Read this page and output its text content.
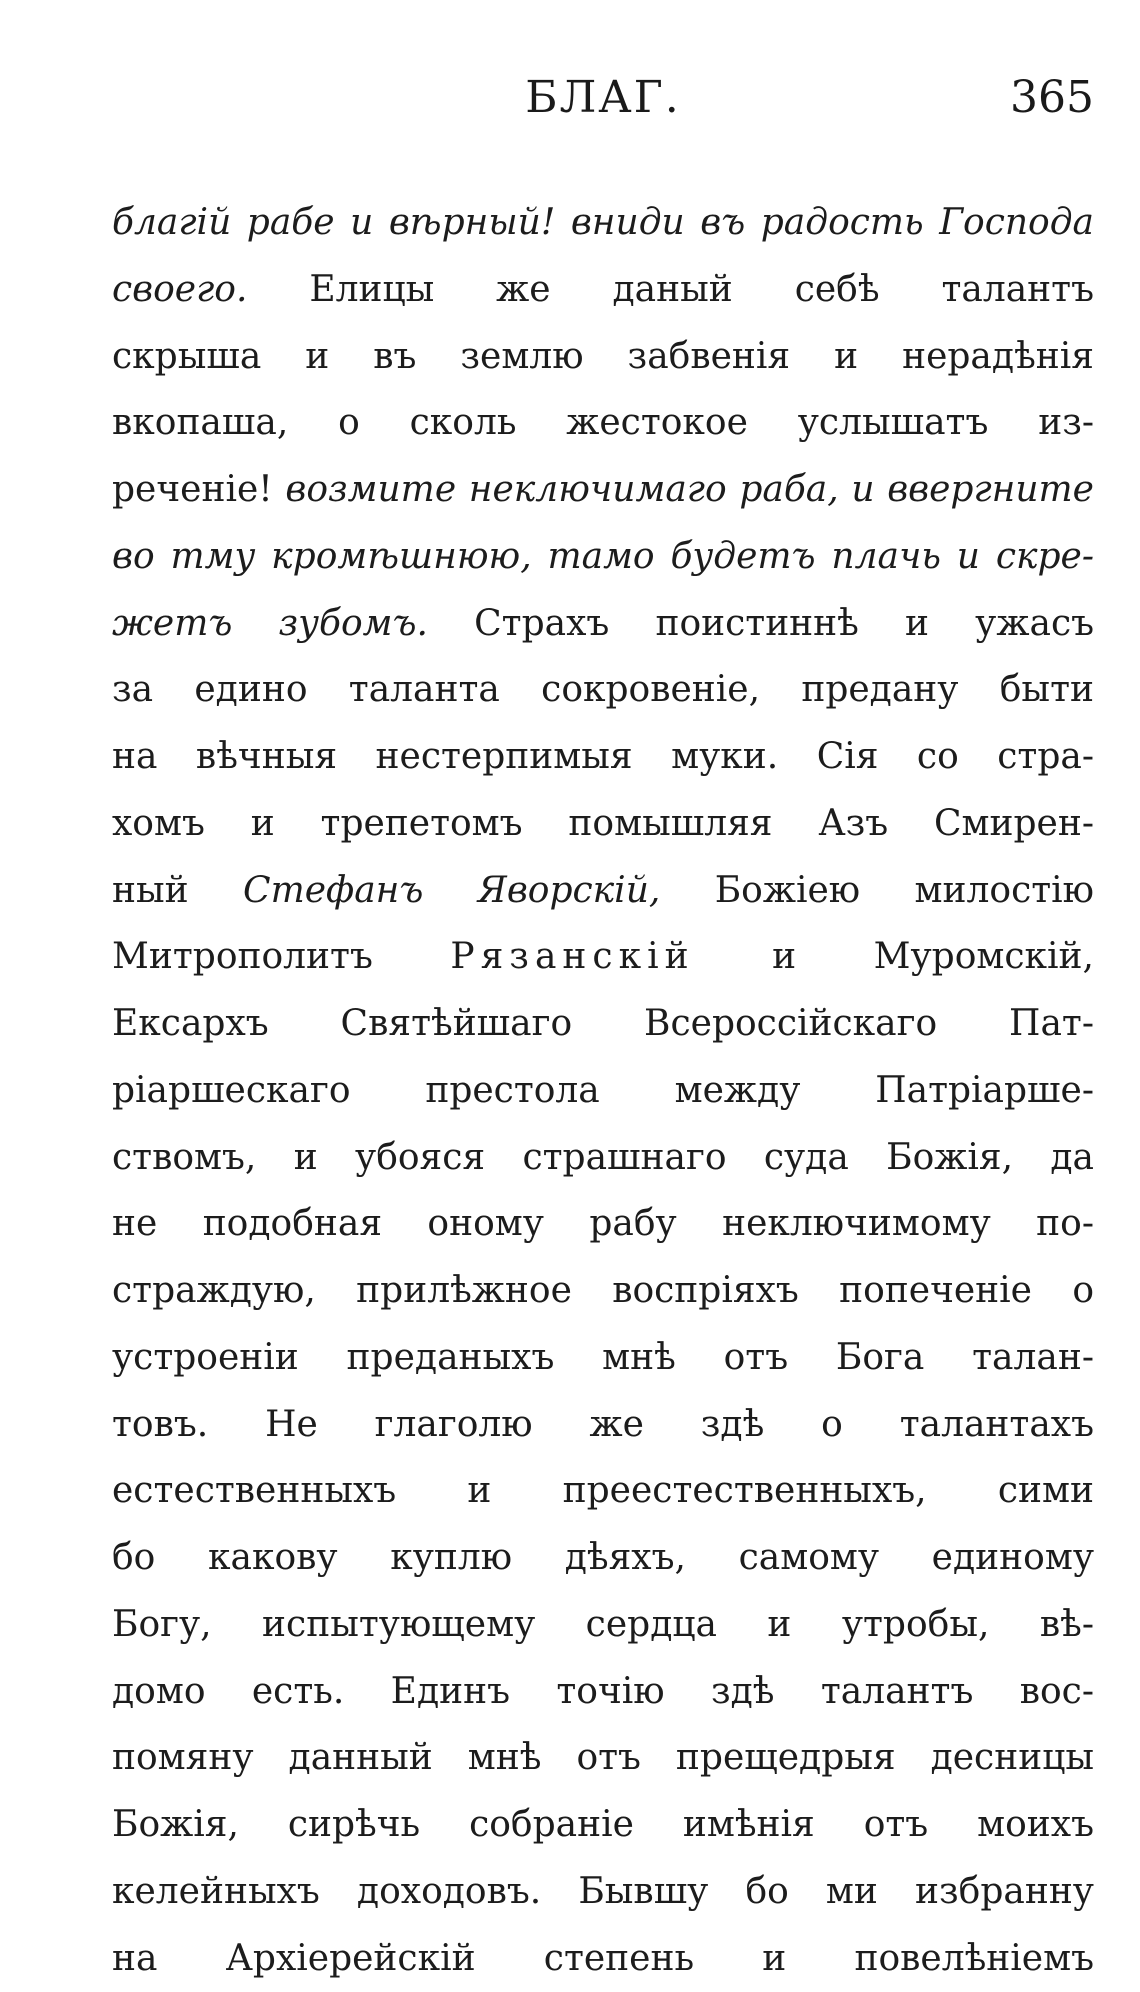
БЛАГ.	365
благій рабе и вѣрный! вниди въ радость Господа
своего. Елицы же даный себѣ талантъ
скрыша и въ землю забвенія и нерадѣнія
вкопаша, о сколь жестокое услышатъ из-
реченіе! возмите неключимаго раба, и ввергните
во тму кромѣшнюю, тамо будетъ плачь и скре-
жетъ зубомъ. Страхъ поистиннѣ и ужасъ
за едино таланта сокровеніе, предану быти
на вѣчныя нестерпимыя муки. Сія со стра-
хомъ и трепетомъ помышляя Азъ Смирен-
ный Стефанъ Яворскій, Божіею милостію
Митрополитъ Рязанскій и Муромскій,
Ексархъ Святѣйшаго Всероссійскаго Пат-
ріаршескаго престола между Патріарше-
ствомъ, и убояся страшнаго суда Божія, да
не подобная оному рабу неключимому по-
страждую, прилѣжное воспріяхъ попеченіе о
устроеніи преданыхъ мнѣ отъ Бога талан-
товъ. Не глаголю же здѣ о талантахъ
естественныхъ и преестественныхъ, сими
бо какову куплю дѣяхъ, самому единому
Богу, испытующему сердца и утробы, вѣ-
домо есть. Единъ точію здѣ талантъ вос-
помяну данный мнѣ отъ прещедрыя десницы
Божія, сирѣчь собраніе имѣнія отъ моихъ
келейныхъ доходовъ. Бывшу бо ми избранну
на Архіерейскій степень и повелѣніемъ
